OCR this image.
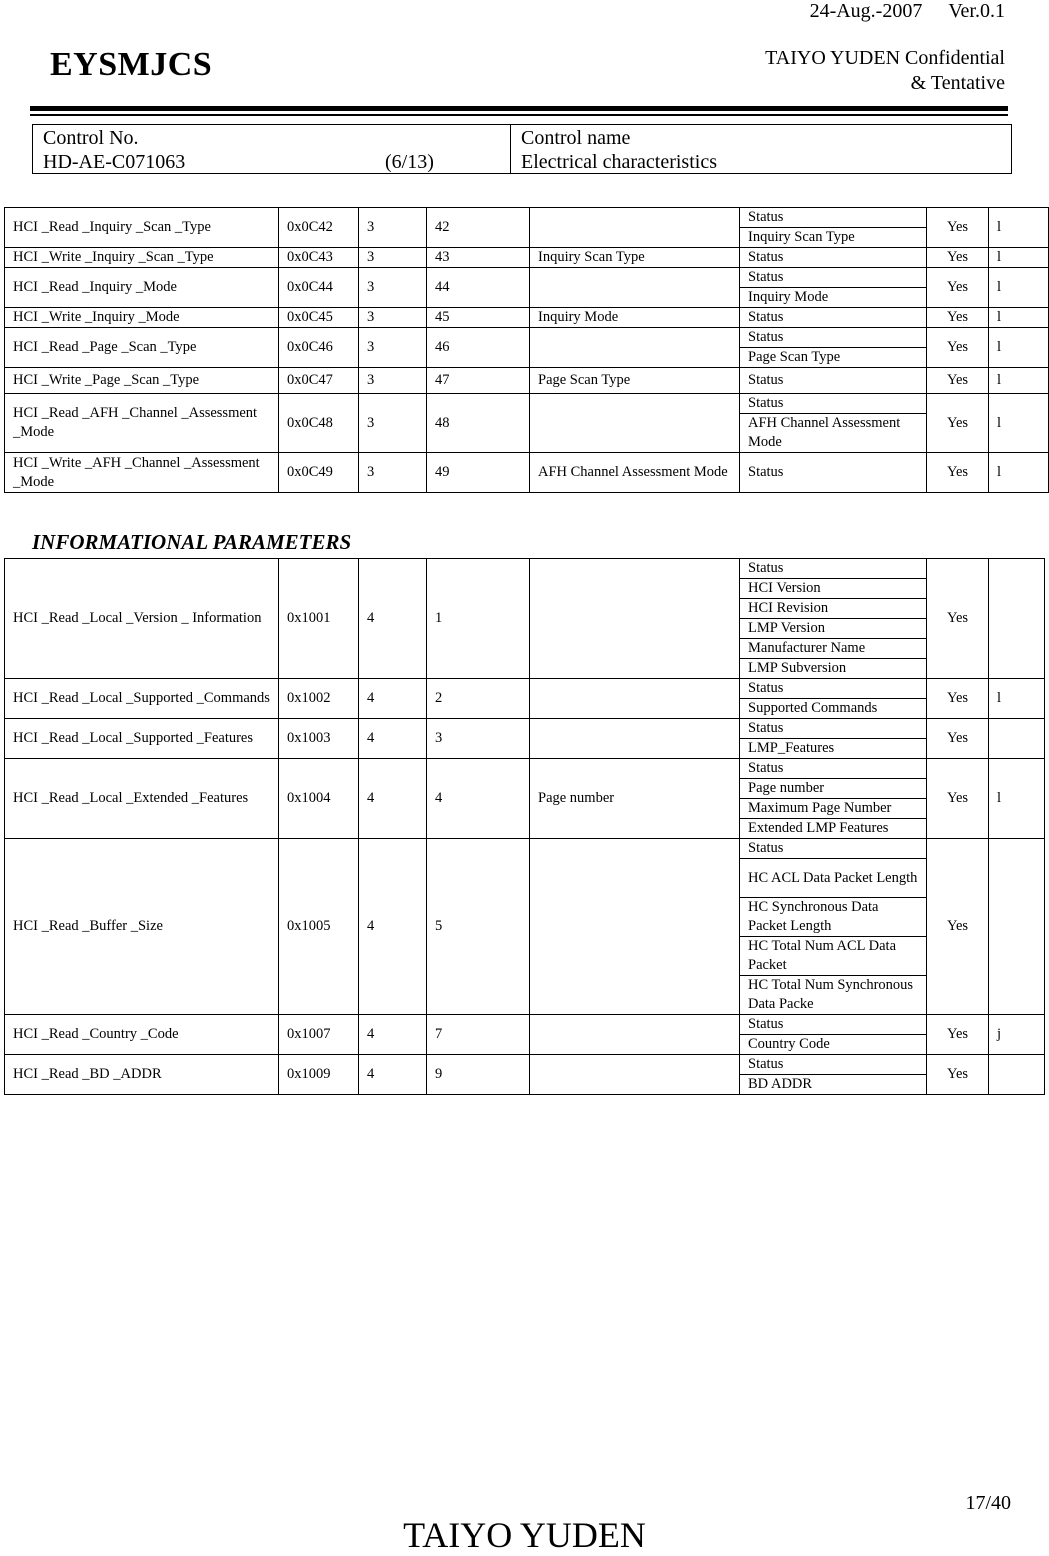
24-Aug.-2007 Ver.0.1
EYSMJCS	TAIYO YUDEN Confidential
& Tentative
Control No.
HD-AE-C071063	(6/13)
Control name
Electrical characteristics
HCI _Read _Inquiry _Scan _Type	0x0C42	3	42		Status	Yes	l
					Inquiry Scan Type		
HCI _Write _Inquiry _Scan _Type	0x0C43	3	43	Inquiry Scan Type	Status	Yes	l
HCI _Read _Inquiry _Mode	0x0C44	3	44		Status	Yes	l
					Inquiry Mode		
HCI _Write _Inquiry _Mode	0x0C45	3	45	Inquiry Mode	Status	Yes	l
HCI _Read _Page _Scan _Type	0x0C46	3	46		Status	Yes	l
					Page Scan Type		
HCI _Write _Page _Scan _Type	0x0C47	3	47	Page Scan Type	Status	Yes	l
HCI _Read _AFH _Channel _Assessment _Mode	0x0C48	3	48		Status	Yes	l
					AFH Channel Assessment Mode		
HCI _Write _AFH _Channel _Assessment _Mode	0x0C49	3	49	AFH Channel Assessment Mode	Status	Yes	l
INFORMATIONAL PARAMETERS
HCI _Read _Local _Version _ Information	0x1001	4	1		Status	Yes	
					HCI Version		
					HCI Revision		
					LMP Version		
					Manufacturer Name		
					LMP Subversion		
HCI _Read _Local _Supported _Commands	0x1002	4	2		Status	Yes	l
					Supported Commands		
HCI _Read _Local _Supported _Features	0x1003	4	3		Status	Yes	
					LMP_Features		
HCI _Read _Local _Extended _Features	0x1004	4	4	Page number	Status	Yes	l
					Page number		
					Maximum Page Number		
					Extended LMP Features		
HCI _Read _Buffer _Size	0x1005	4	5		Status	Yes	
					HC ACL Data Packet Length		
					HC Synchronous Data Packet Length		
					HC Total Num ACL Data Packet		
					HC Total Num Synchronous Data Packe		
HCI _Read _Country _Code	0x1007	4	7		Status	Yes	j
					Country Code		
HCI _Read _BD _ADDR	0x1009	4	9		Status	Yes	
					BD ADDR		
17/40
TAIYO YUDEN
